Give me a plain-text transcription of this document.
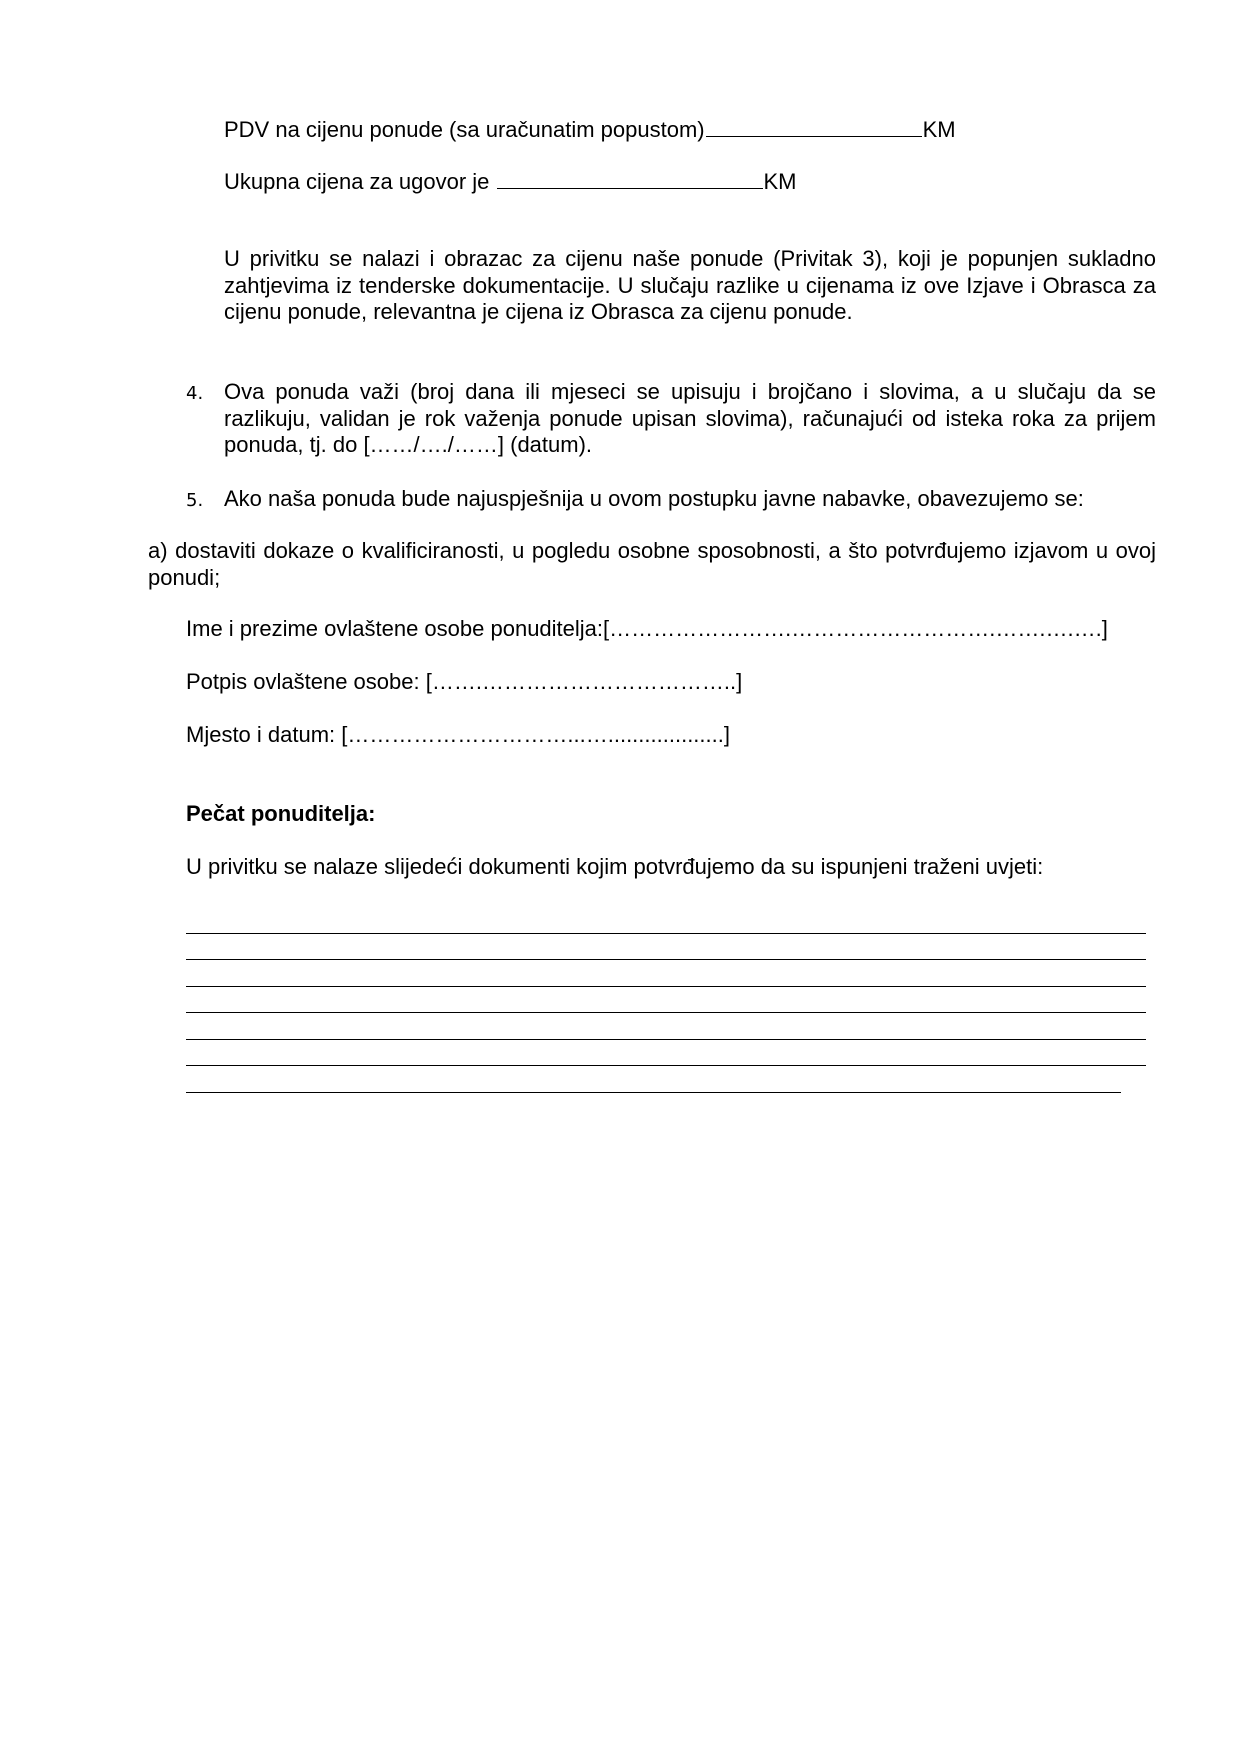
PDV na cijenu ponude (sa uračunatim popustom)	KM
Ukupna cijena za ugovor je	KM
U privitku se nalazi i obrazac za cijenu naše ponude (Privitak 3), koji je popunjen sukladno zahtjevima iz tenderske dokumentacije. U slučaju razlike u cijenama iz ove Izjave i Obrasca za cijenu ponude, relevantna je cijena iz Obrasca za cijenu ponude.
4. Ova ponuda važi (broj dana ili mjeseci se upisuju i brojčano i slovima, a u slučaju da se razlikuju, validan je rok važenja ponude upisan slovima), računajući od isteka roka za prijem ponuda, tj. do [……/…./……] (datum).
5. Ako naša ponuda bude najuspješnija u ovom postupku javne nabavke, obavezujemo se:
a) dostaviti dokaze o kvalificiranosti, u pogledu osobne sposobnosti, a što potvrđujemo izjavom u ovoj ponudi;
Ime i prezime ovlaštene osobe ponuditelja:[…………………….……………………….…….….….]
Potpis ovlaštene osobe: […….……………………………..]
Mjesto i datum: […………………………...…...................]
Pečat ponuditelja:
U privitku se nalaze slijedeći dokumenti kojim potvrđujemo da su ispunjeni traženi uvjeti:
